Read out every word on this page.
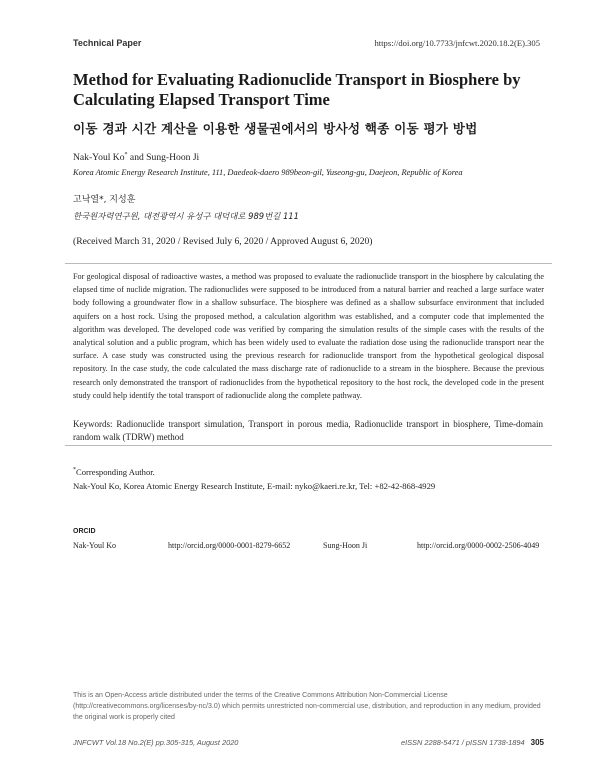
Technical Paper	https://doi.org/10.7733/jnfcwt.2020.18.2(E).305
Method for Evaluating Radionuclide Transport in Biosphere by Calculating Elapsed Transport Time
이동 경과 시간 계산을 이용한 생물권에서의 방사성 핵종 이동 평가 방법
Nak-Youl Ko* and Sung-Hoon Ji
Korea Atomic Energy Research Institute, 111, Daedeok-daero 989beon-gil, Yuseong-gu, Daejeon, Republic of Korea
고낙열*, 지성훈
한국원자력연구원, 대전광역시 유성구 대덕대로 989번길 111
(Received March 31, 2020 / Revised July 6, 2020 / Approved August 6, 2020)
For geological disposal of radioactive wastes, a method was proposed to evaluate the radionuclide transport in the biosphere by calculating the elapsed time of nuclide migration. The radionuclides were supposed to be introduced from a natural barrier and reached a large surface water body following a groundwater flow in a shallow subsurface. The biosphere was defined as a shallow subsurface environment that included aquifers on a host rock. Using the proposed method, a calculation algorithm was established, and a computer code that implemented the algorithm was developed. The developed code was verified by comparing the simulation results of the simple cases with the results of the analytical solution and a public program, which has been widely used to evaluate the radiation dose using the radionuclide transport near the surface. A case study was constructed using the previous research for radionuclide transport from the hypothetical geological disposal repository. In the case study, the code calculated the mass discharge rate of radionuclide to a stream in the biosphere. Because the previous research only demonstrated the transport of radionuclides from the hypothetical repository to the host rock, the developed code in the present study could help identify the total transport of radionuclide along the complete pathway.
Keywords: Radionuclide transport simulation, Transport in porous media, Radionuclide transport in biosphere, Time-domain random walk (TDRW) method
*Corresponding Author.
Nak-Youl Ko, Korea Atomic Energy Research Institute, E-mail: nyko@kaeri.re.kr, Tel: +82-42-868-4929
ORCID
Nak-Youl Ko	http://orcid.org/0000-0001-8279-6652	Sung-Hoon Ji	http://orcid.org/0000-0002-2506-4049
This is an Open-Access article distributed under the terms of the Creative Commons Attribution Non-Commercial License (http://creativecommons.org/licenses/by-nc/3.0) which permits unrestricted non-commercial use, distribution, and reproduction in any medium, provided the original work is properly cited
JNFCWT Vol.18 No.2(E) pp.305-315, August 2020	eISSN 2288-5471 / pISSN 1738-1894 305
